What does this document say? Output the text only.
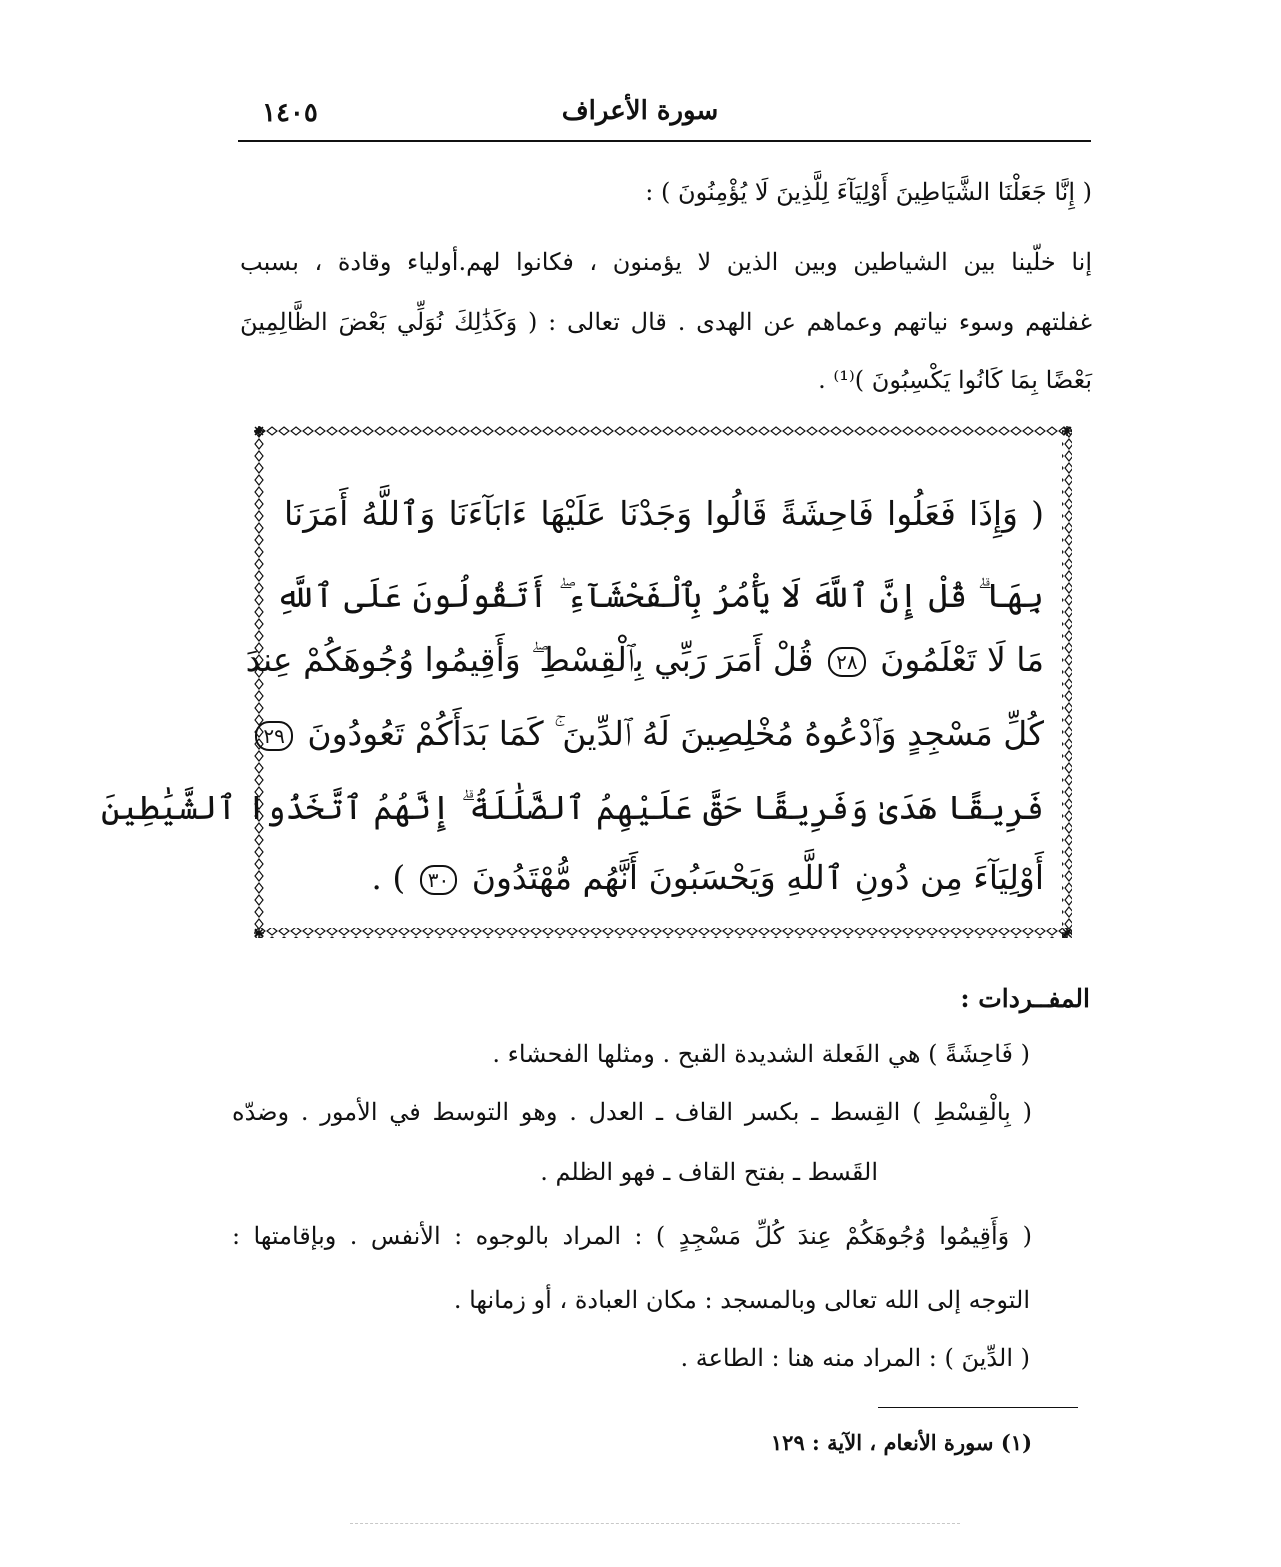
سورة الأعراف
١٤٠٥
( إِنَّا جَعَلْنَا الشَّيَاطِينَ أَوْلِيَآءَ لِلَّذِينَ لَا يُؤْمِنُونَ ) :
إنا خلّينا بين الشياطين وبين الذين لا يؤمنون ، فكانوا لهم.أولياء وقادة ، بسبب
غفلتهم وسوء نياتهم وعماهم عن الهدى . قال تعالى : ( وَكَذَٰلِكَ نُوَلِّي بَعْضَ الظَّالِمِينَ
بَعْضًا بِمَا كَانُوا يَكْسِبُونَ )⁽¹⁾ .
( وَإِذَا فَعَلُوا فَاحِشَةً قَالُوا وَجَدْنَا عَلَيْهَا ءَابَآءَنَا وَٱللَّهُ أَمَرَنَا
بِهَا ۗ قُلْ إِنَّ ٱللَّهَ لَا يَأْمُرُ بِٱلْفَحْشَآءِ ۖ أَتَقُولُونَ عَلَى ٱللَّهِ
مَا لَا تَعْلَمُونَ ٢٨ قُلْ أَمَرَ رَبِّي بِٱلْقِسْطِ ۖ وَأَقِيمُوا وُجُوهَكُمْ عِندَ
كُلِّ مَسْجِدٍ وَٱدْعُوهُ مُخْلِصِينَ لَهُ ٱلدِّينَ ۚ كَمَا بَدَأَكُمْ تَعُودُونَ ٢٩
فَرِيقًا هَدَىٰ وَفَرِيقًا حَقَّ عَلَيْهِمُ ٱلضَّلَٰلَةُ ۗ إِنَّهُمُ ٱتَّخَذُوا ٱلشَّيَٰطِينَ
أَوْلِيَآءَ مِن دُونِ ٱللَّهِ وَيَحْسَبُونَ أَنَّهُم مُّهْتَدُونَ ٣٠ ) .
المفــردات :
( فَاحِشَةً ) هي الفَعلة الشديدة القبح . ومثلها الفحشاء .
( بِالْقِسْطِ ) القِسط ـ بكسر القاف ـ العدل . وهو التوسط في الأمور . وضدّه
القَسط ـ بفتح القاف ـ فهو الظلم .
( وَأَقِيمُوا وُجُوهَكُمْ عِندَ كُلِّ مَسْجِدٍ ) : المراد بالوجوه : الأنفس . وبإقامتها :
التوجه إلى الله تعالى وبالمسجد : مكان العبادة ، أو زمانها .
( الدِّينَ ) : المراد منه هنا : الطاعة .
(١) سورة الأنعام ، الآية : ١٢٩
